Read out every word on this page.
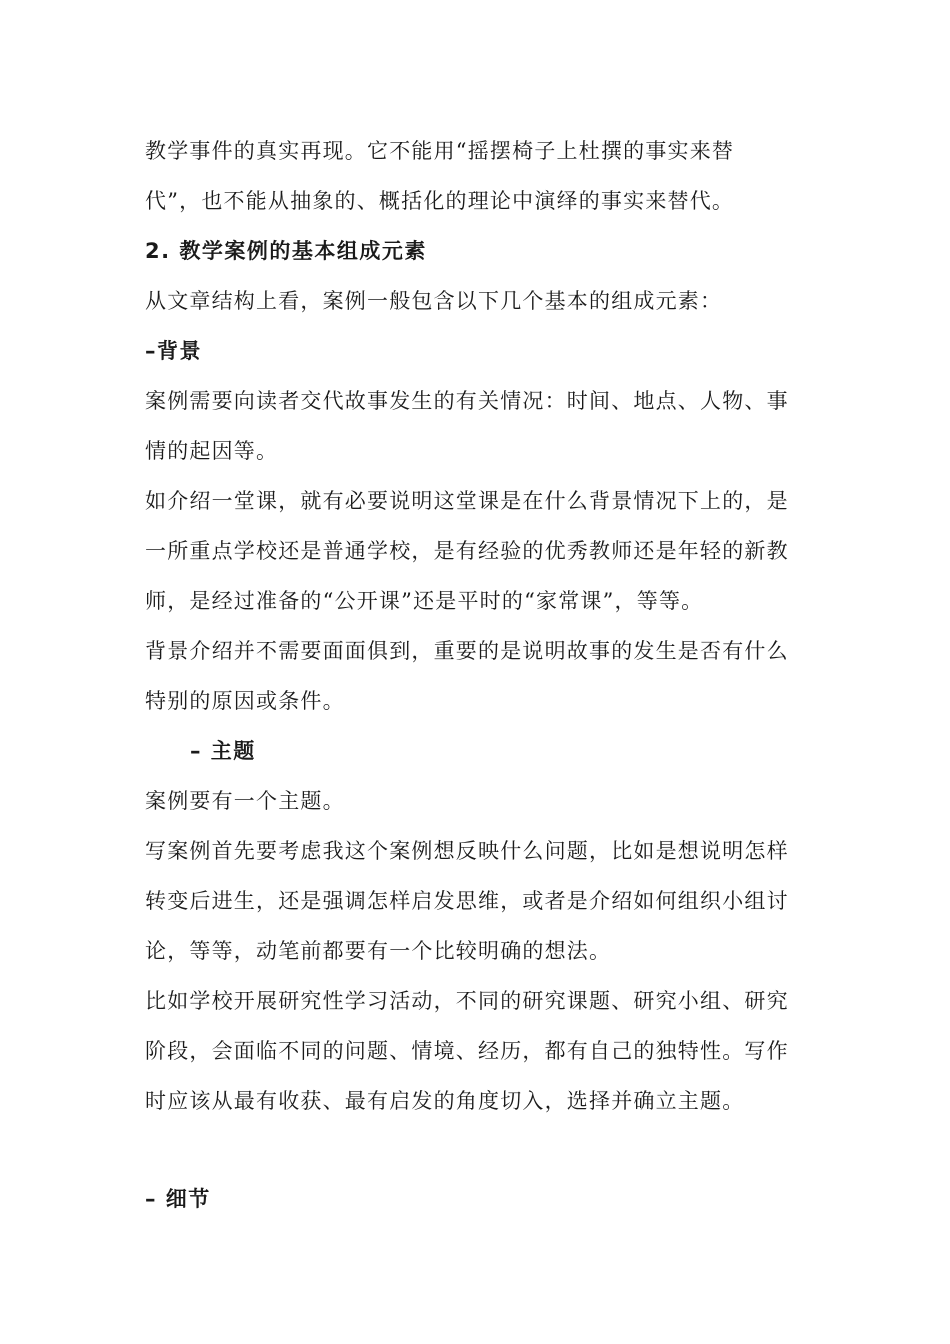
教学事件的真实再现。它不能用“摇摆椅子上杜撰的事实来替

代”，也不能从抽象的、概括化的理论中演绎的事实来替代。

2. 教学案例的基本组成元素

从文章结构上看，案例一般包含以下几个基本的组成元素：

–背景

案例需要向读者交代故事发生的有关情况：时间、地点、人物、事

情的起因等。

如介绍一堂课，就有必要说明这堂课是在什么背景情况下上的，是

一所重点学校还是普通学校，是有经验的优秀教师还是年轻的新教

师，是经过准备的“公开课”还是平时的“家常课”，等等。

背景介绍并不需要面面俱到，重要的是说明故事的发生是否有什么

特别的原因或条件。

– 主题

案例要有一个主题。

写案例首先要考虑我这个案例想反映什么问题，比如是想说明怎样

转变后进生，还是强调怎样启发思维，或者是介绍如何组织小组讨

论，等等，动笔前都要有一个比较明确的想法。

比如学校开展研究性学习活动，不同的研究课题、研究小组、研究

阶段，会面临不同的问题、情境、经历，都有自己的独特性。写作

时应该从最有收获、最有启发的角度切入，选择并确立主题。

– 细节
